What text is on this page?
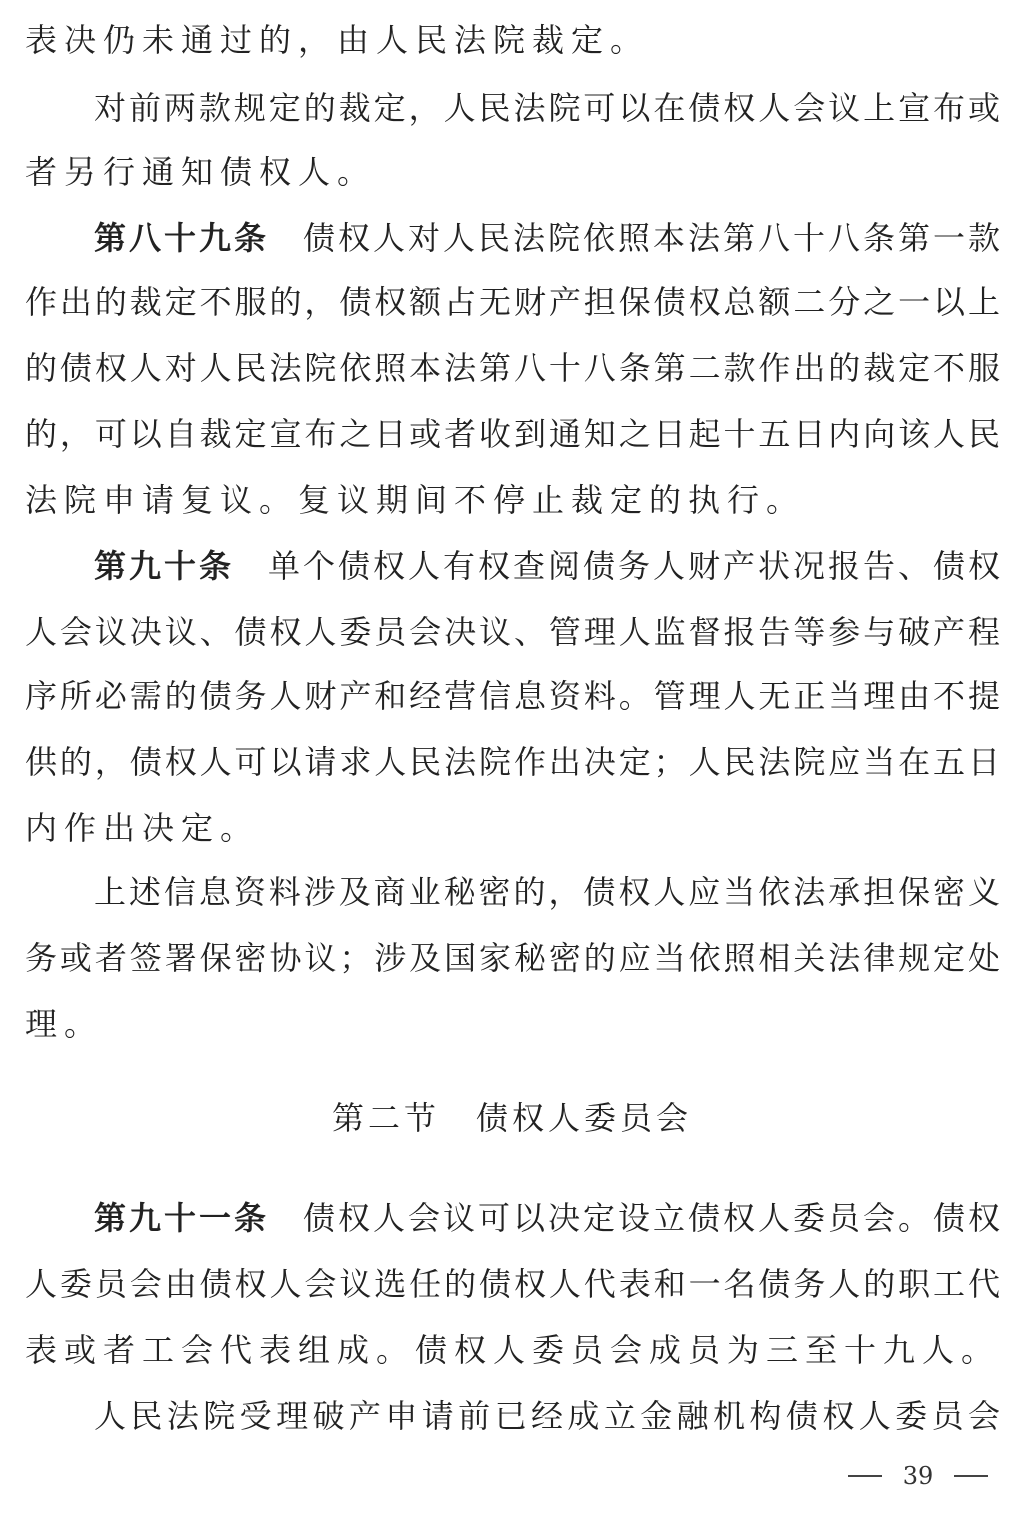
表决仍未通过的，由人民法院裁定。
对前两款规定的裁定，人民法院可以在债权人会议上宣布或
者另行通知债权人。
第八十九条 债权人对人民法院依照本法第八十八条第一款
作出的裁定不服的，债权额占无财产担保债权总额二分之一以上
的债权人对人民法院依照本法第八十八条第二款作出的裁定不服
的，可以自裁定宣布之日或者收到通知之日起十五日内向该人民
法院申请复议。复议期间不停止裁定的执行。
第九十条 单个债权人有权查阅债务人财产状况报告、债权
人会议决议、债权人委员会决议、管理人监督报告等参与破产程
序所必需的债务人财产和经营信息资料。管理人无正当理由不提
供的，债权人可以请求人民法院作出决定；人民法院应当在五日
内作出决定。
上述信息资料涉及商业秘密的，债权人应当依法承担保密义
务或者签署保密协议；涉及国家秘密的应当依照相关法律规定处
理。
第二节　债权人委员会
第九十一条 债权人会议可以决定设立债权人委员会。债权
人委员会由债权人会议选任的债权人代表和一名债务人的职工代
表或者工会代表组成。债权人委员会成员为三至十九人。
人民法院受理破产申请前已经成立金融机构债权人委员会
39
